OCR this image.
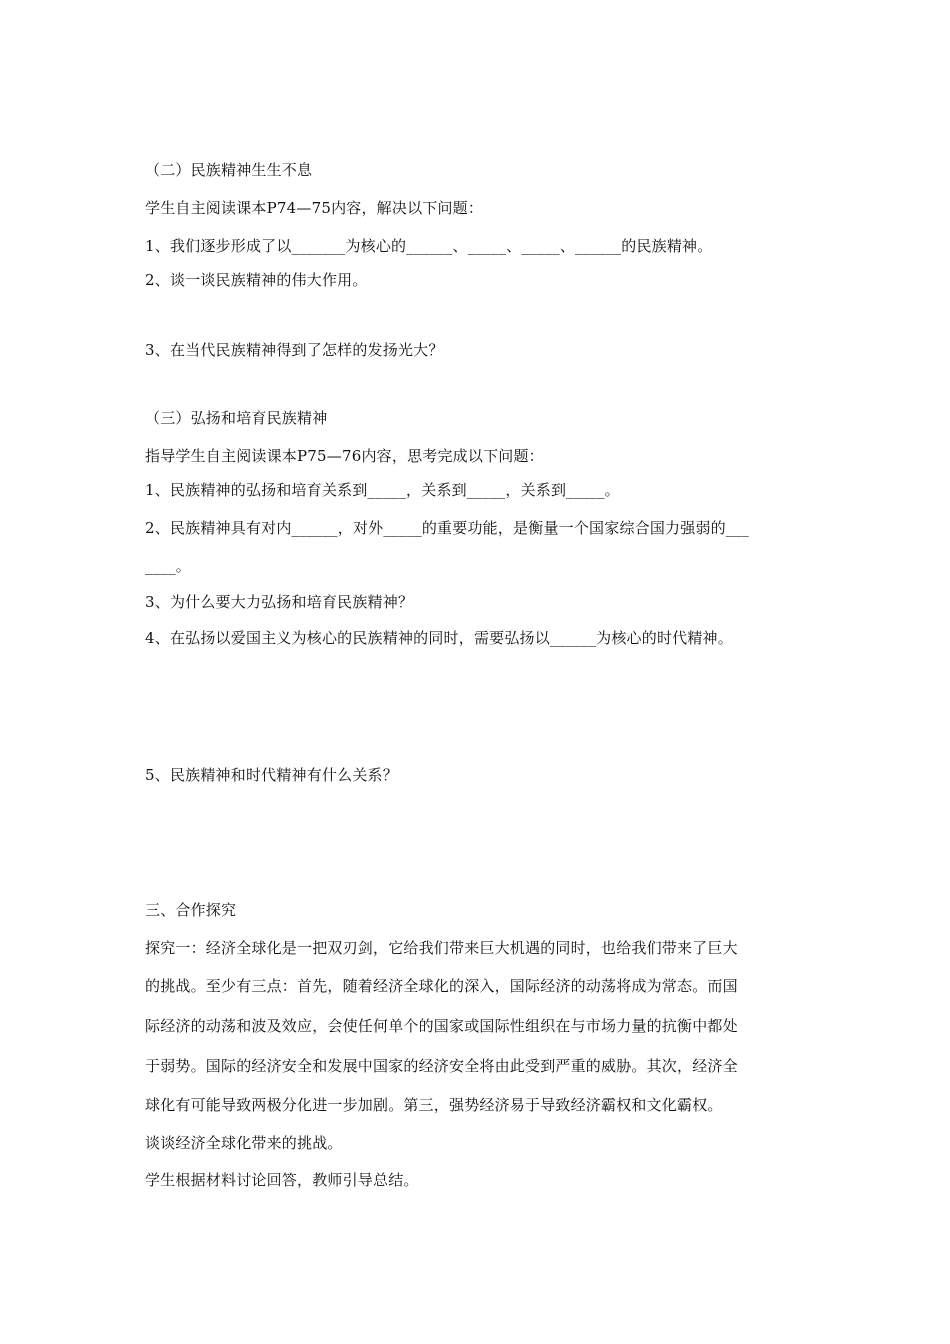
（二）民族精神生生不息
学生自主阅读课本P74—75内容，解决以下问题：
1、我们逐步形成了以_______为核心的______、_____、_____、______的民族精神。
2、谈一谈民族精神的伟大作用。
3、在当代民族精神得到了怎样的发扬光大？
（三）弘扬和培育民族精神
指导学生自主阅读课本P75—76内容，思考完成以下问题：
1、民族精神的弘扬和培育关系到_____，关系到_____，关系到_____。
2、民族精神具有对内______，对外_____的重要功能，是衡量一个国家综合国力强弱的___
____。
3、为什么要大力弘扬和培育民族精神？
4、在弘扬以爱国主义为核心的民族精神的同时，需要弘扬以______为核心的时代精神。
5、民族精神和时代精神有什么关系？
三、合作探究
探究一：经济全球化是一把双刃剑，它给我们带来巨大机遇的同时，也给我们带来了巨大
的挑战。至少有三点：首先，随着经济全球化的深入，国际经济的动荡将成为常态。而国
际经济的动荡和波及效应，会使任何单个的国家或国际性组织在与市场力量的抗衡中都处
于弱势。国际的经济安全和发展中国家的经济安全将由此受到严重的威胁。其次，经济全
球化有可能导致两极分化进一步加剧。第三，强势经济易于导致经济霸权和文化霸权。
谈谈经济全球化带来的挑战。
学生根据材料讨论回答，教师引导总结。
